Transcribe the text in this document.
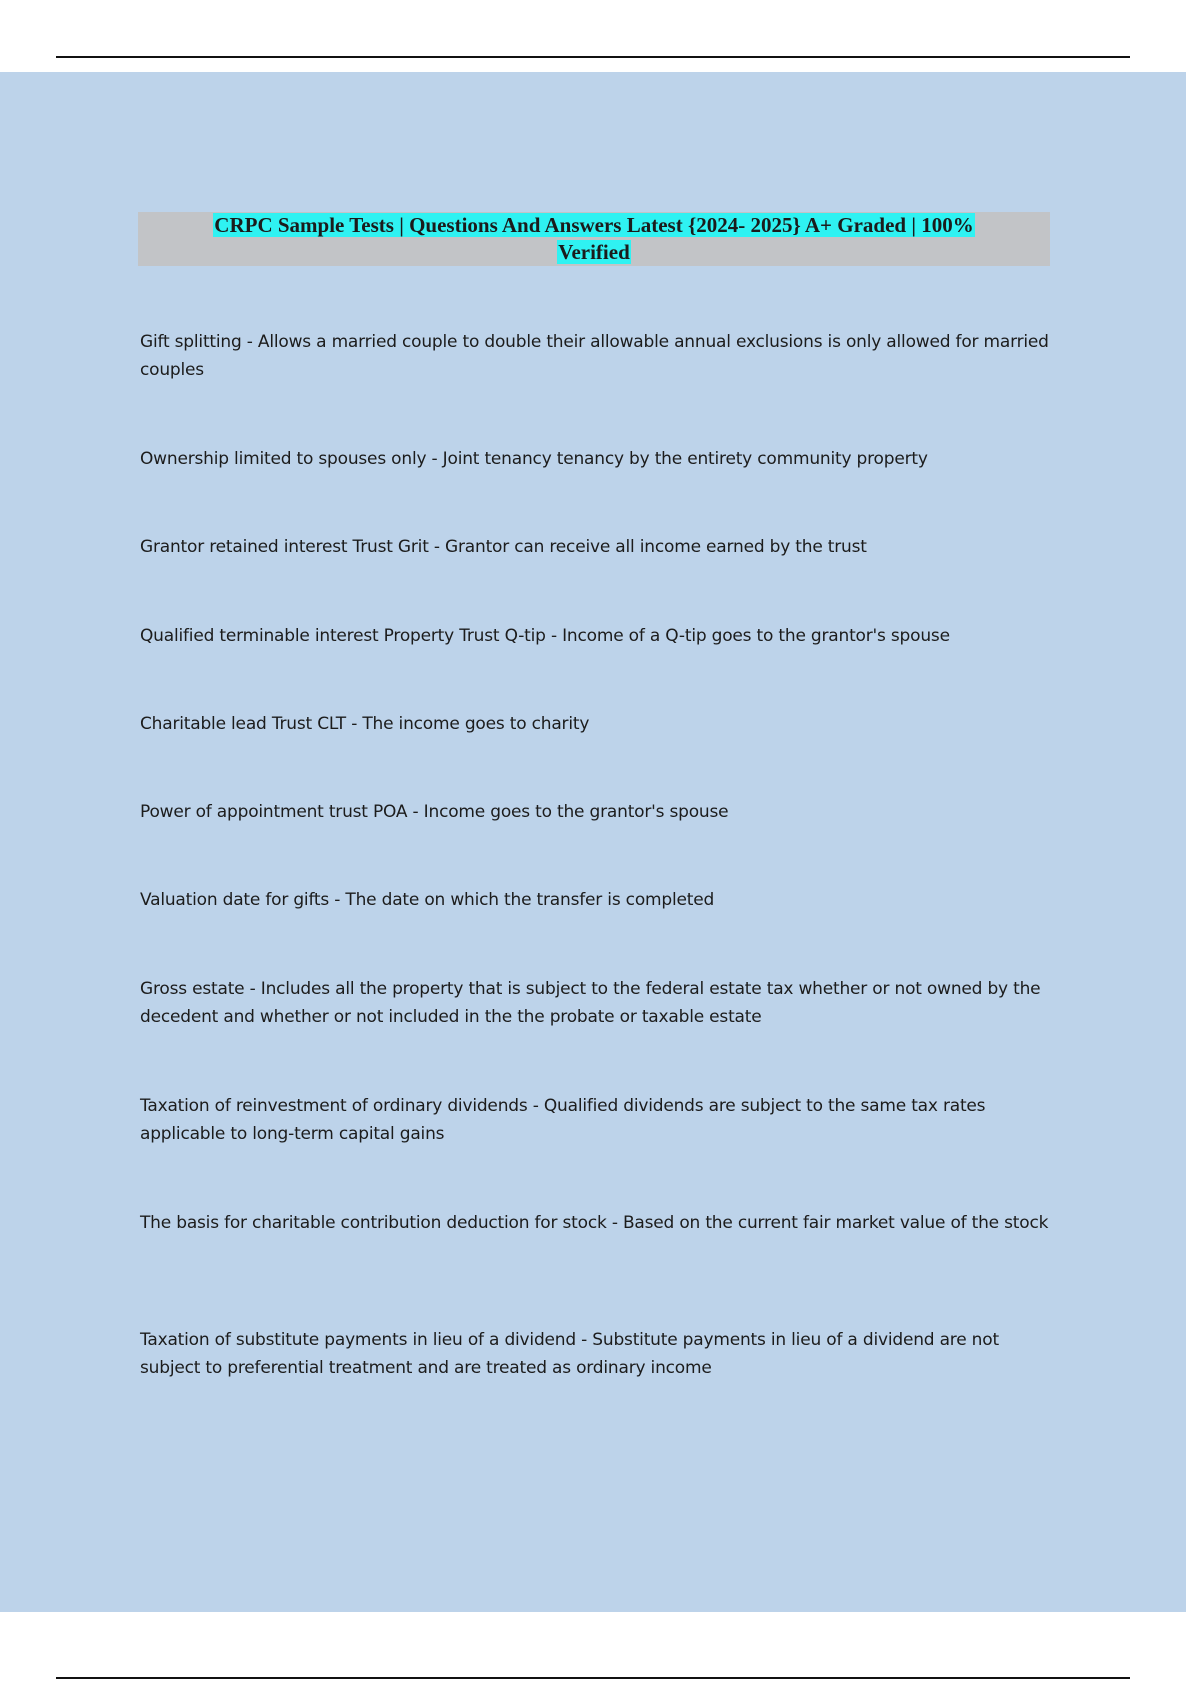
CRPC Sample Tests | Questions And Answers Latest {2024- 2025} A+ Graded | 100%
Verified
Gift splitting - Allows a married couple to double their allowable annual exclusions is only allowed for married couples
Ownership limited to spouses only - Joint tenancy tenancy by the entirety community property
Grantor retained interest Trust Grit - Grantor can receive all income earned by the trust
Qualified terminable interest Property Trust Q-tip - Income of a Q-tip goes to the grantor's spouse
Charitable lead Trust CLT - The income goes to charity
Power of appointment trust POA - Income goes to the grantor's spouse
Valuation date for gifts - The date on which the transfer is completed
Gross estate - Includes all the property that is subject to the federal estate tax whether or not owned by the decedent and whether or not included in the the probate or taxable estate
Taxation of reinvestment of ordinary dividends - Qualified dividends are subject to the same tax rates applicable to long-term capital gains
The basis for charitable contribution deduction for stock - Based on the current fair market value of the stock
Taxation of substitute payments in lieu of a dividend - Substitute payments in lieu of a dividend are not subject to preferential treatment and are treated as ordinary income
